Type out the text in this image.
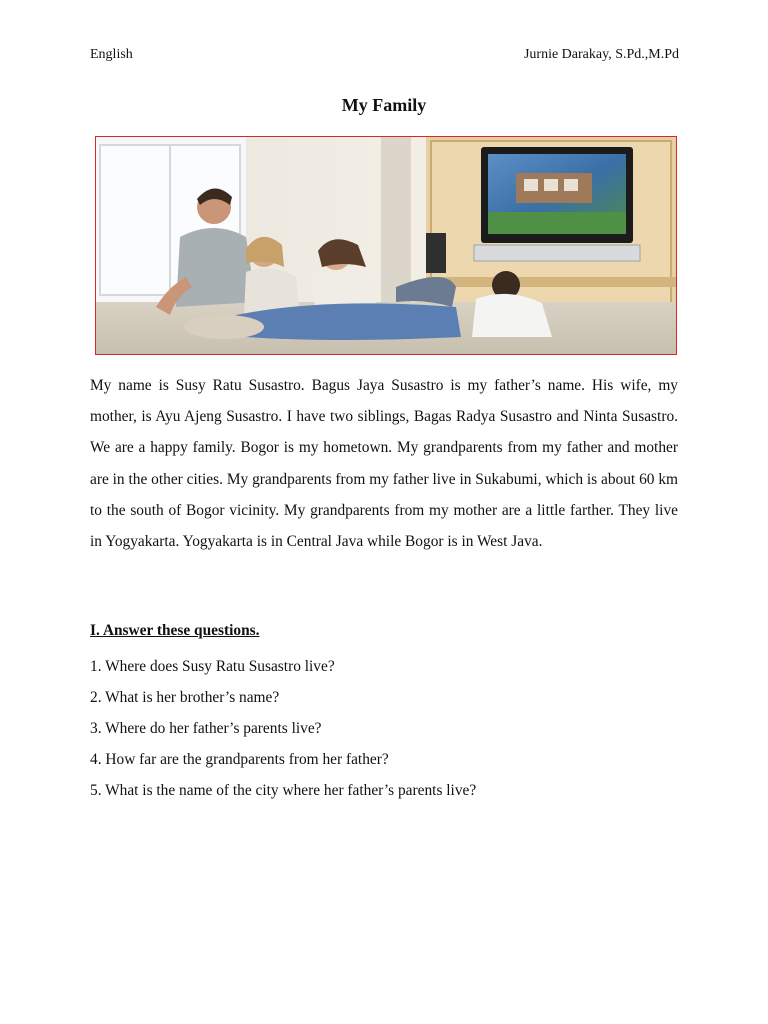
English	Jurnie Darakay, S.Pd.,M.Pd
My Family

My name is Susy Ratu Susastro. Bagus Jaya Susastro is my father’s name. His wife, my mother, is Ayu Ajeng Susastro. I have two siblings, Bagas Radya Susastro and Ninta Susastro. We are a happy family. Bogor is my hometown. My grandparents from my father and mother are in the other cities. My grandparents from my father live in Sukabumi, which is about 60 km to the south of Bogor vicinity. My grandparents from my mother are a little farther. They live in Yogyakarta. Yogyakarta is in Central Java while Bogor is in West Java.

I. Answer these questions.
1. Where does Susy Ratu Susastro live?
2. What is her brother’s name?
3. Where do her father’s parents live?
4. How far are the grandparents from her father?
5. What is the name of the city where her father’s parents live?
